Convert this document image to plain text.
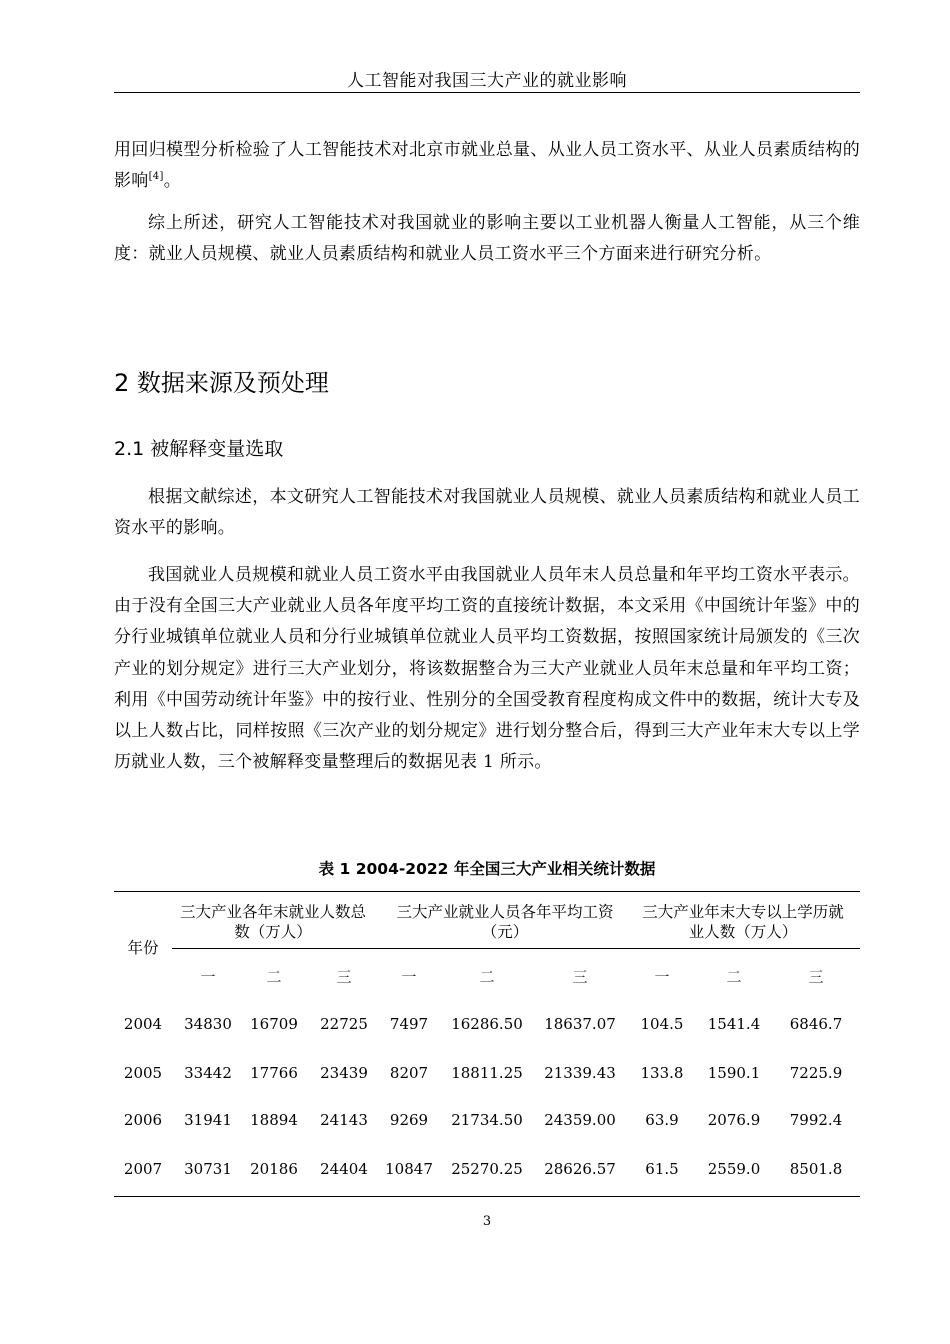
人工智能对我国三大产业的就业影响

用回归模型分析检验了人工智能技术对北京市就业总量、从业人员工资水平、从业人员素质结构的影响[4]。

综上所述，研究人工智能技术对我国就业的影响主要以工业机器人衡量人工智能，从三个维度：就业人员规模、就业人员素质结构和就业人员工资水平三个方面来进行研究分析。

2 数据来源及预处理
2.1 被解释变量选取

根据文献综述，本文研究人工智能技术对我国就业人员规模、就业人员素质结构和就业人员工资水平的影响。

我国就业人员规模和就业人员工资水平由我国就业人员年末人员总量和年平均工资水平表示。由于没有全国三大产业就业人员各年度平均工资的直接统计数据，本文采用《中国统计年鉴》中的分行业城镇单位就业人员和分行业城镇单位就业人员平均工资数据，按照国家统计局颁发的《三次产业的划分规定》进行三大产业划分，将该数据整合为三大产业就业人员年末总量和年平均工资；利用《中国劳动统计年鉴》中的按行业、性别分的全国受教育程度构成文件中的数据，统计大专及以上人数占比，同样按照《三次产业的划分规定》进行划分整合后，得到三大产业年末大专以上学历就业人数，三个被解释变量整理后的数据见表 1 所示。

表 1 2004-2022 年全国三大产业相关统计数据
年份
三大产业各年末就业人数总数（万人）
三大产业就业人员各年平均工资（元）
三大产业年末大专以上学历就业人数（万人）
一	二	三	一	二	三	一	二	三
2004	34830	16709	22725	7497	16286.50	18637.07	104.5	1541.4	6846.7
2005	33442	17766	23439	8207	18811.25	21339.43	133.8	1590.1	7225.9
2006	31941	18894	24143	9269	21734.50	24359.00	63.9	2076.9	7992.4
2007	30731	20186	24404	10847	25270.25	28626.57	61.5	2559.0	8501.8
3
